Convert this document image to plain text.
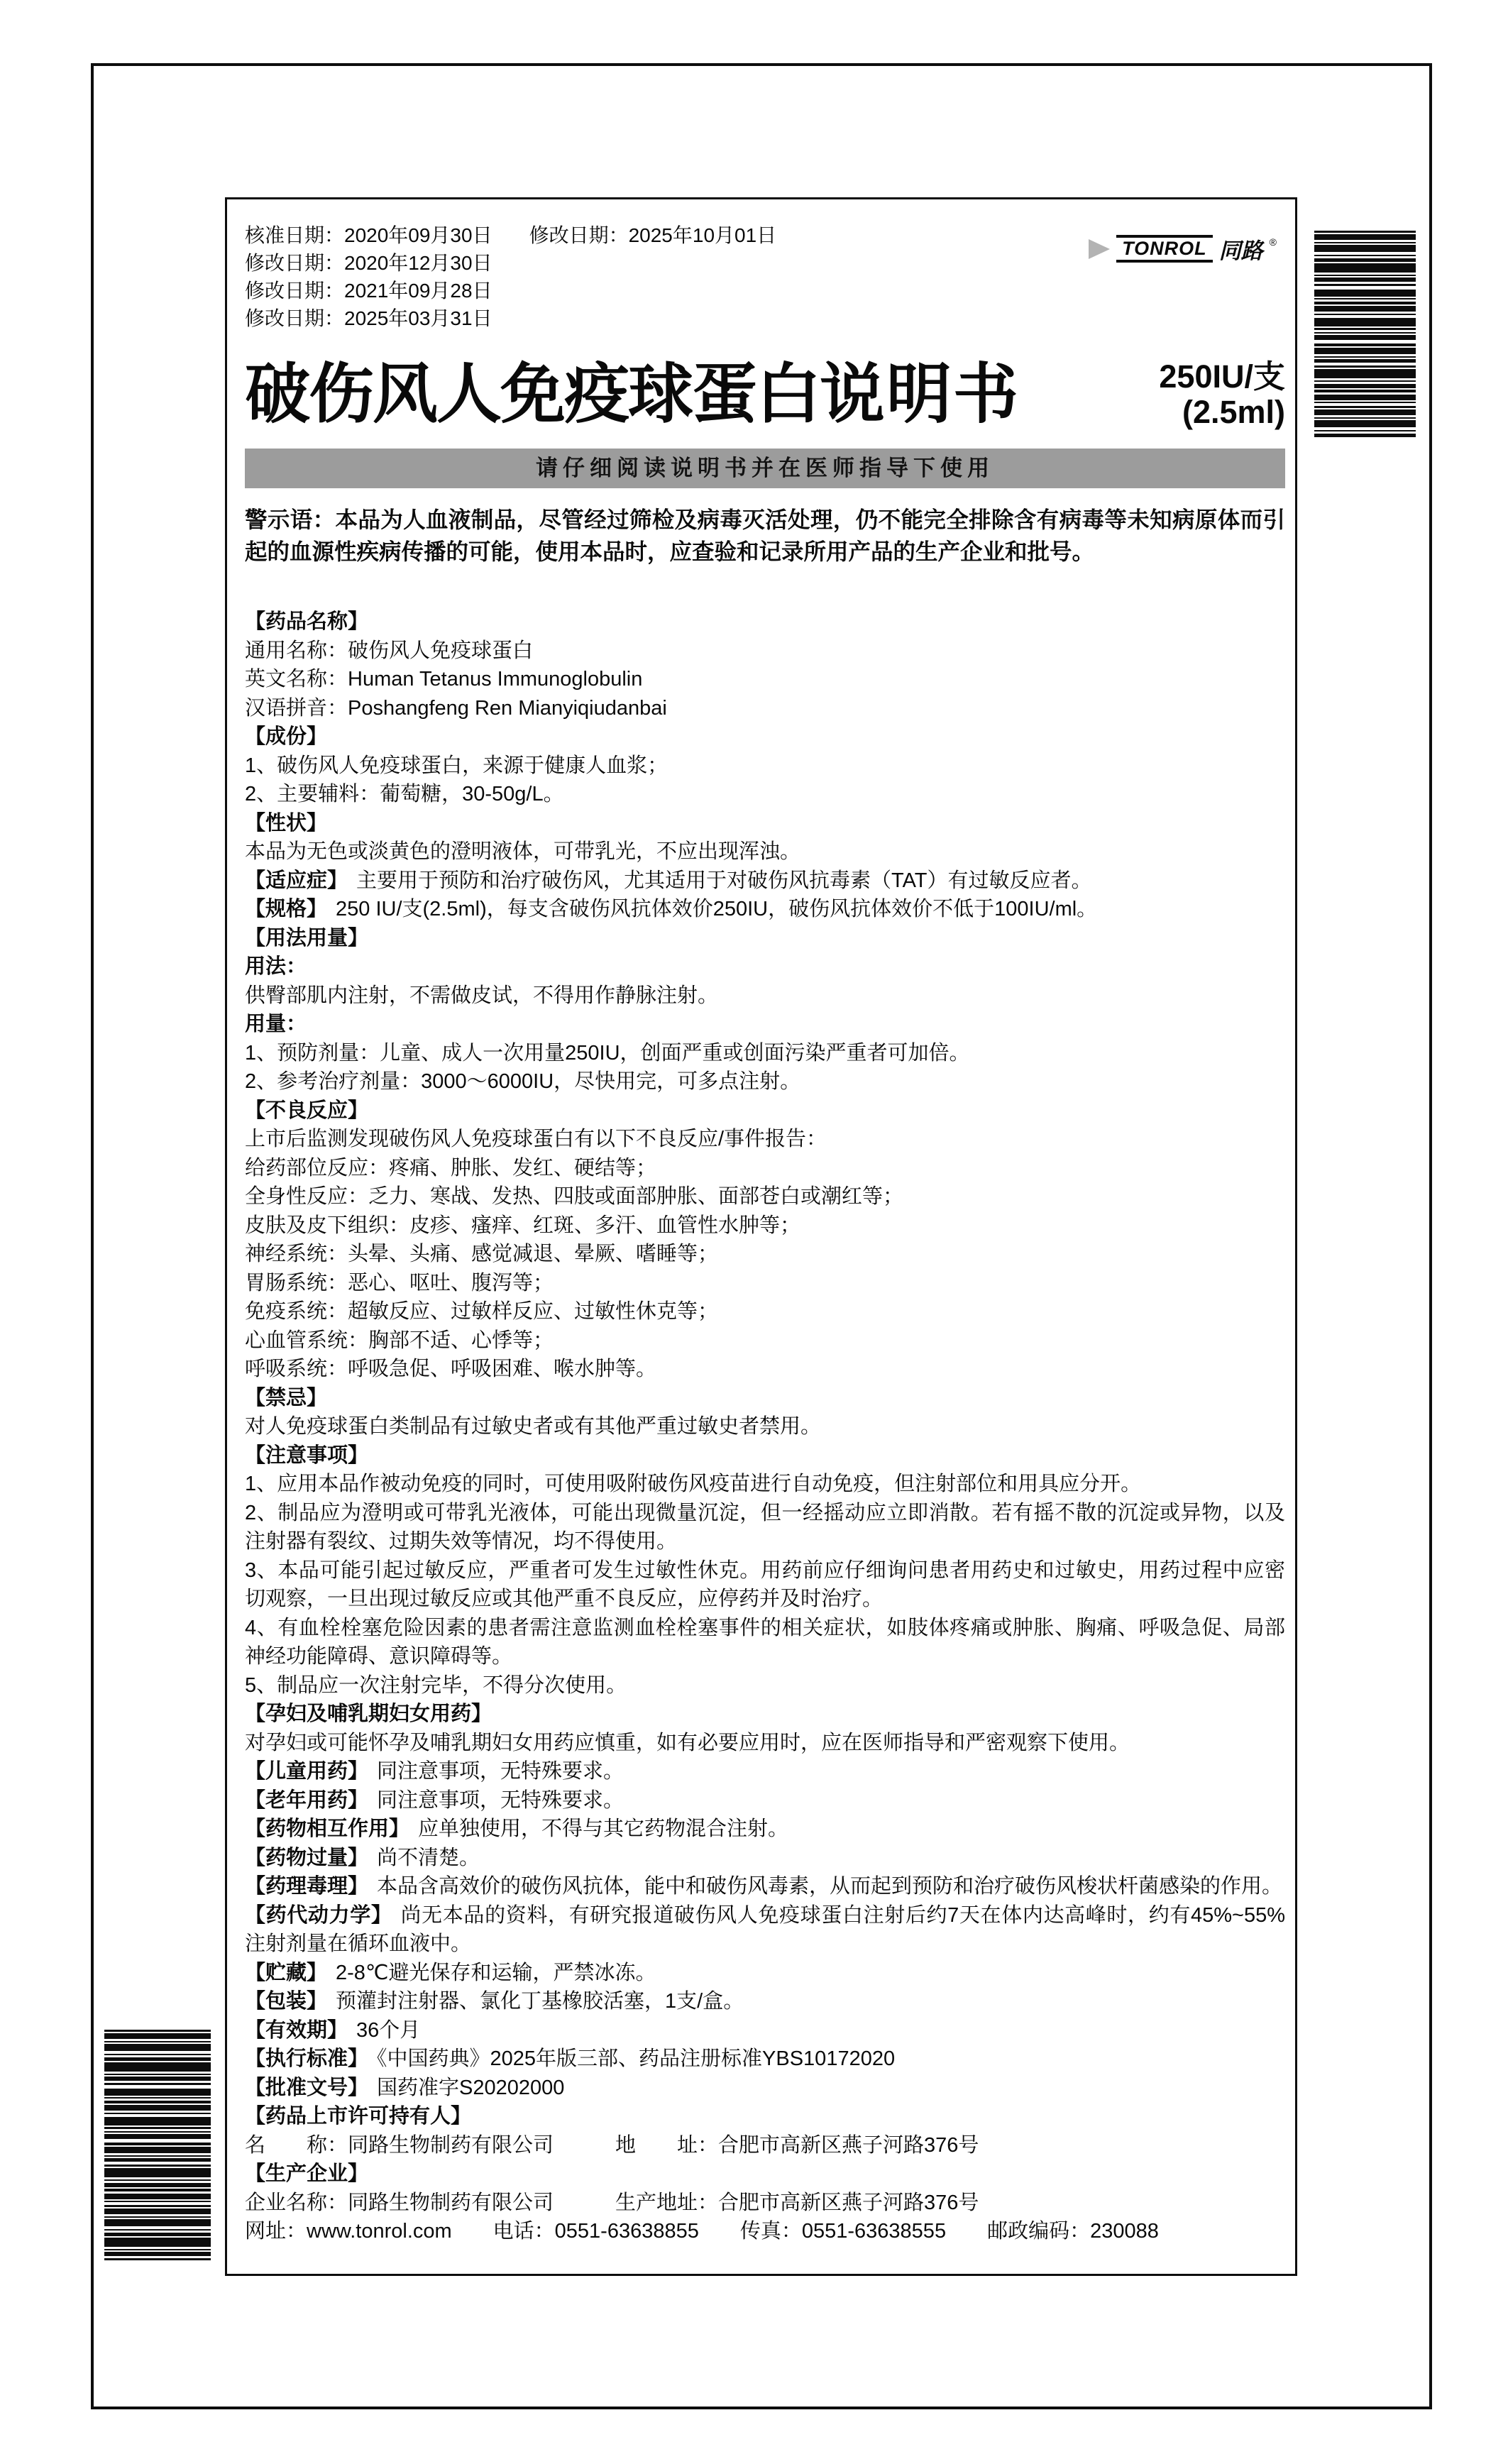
TONROL 同路 ®
核准日期：2020年09月30日 修改日期：2025年10月01日
修改日期：2020年12月30日
修改日期：2021年09月28日
修改日期：2025年03月31日
破伤风人免疫球蛋白说明书	250IU/支
(2.5ml)
请仔细阅读说明书并在医师指导下使用
警示语：本品为人血液制品，尽管经过筛检及病毒灭活处理，仍不能完全排除含有病毒等未知病原体而引起的血源性疾病传播的可能，使用本品时，应查验和记录所用产品的生产企业和批号。
【药品名称】
通用名称：破伤风人免疫球蛋白
英文名称：Human Tetanus Immunoglobulin
汉语拼音：Poshangfeng Ren Mianyiqiudanbai
【成份】
1、破伤风人免疫球蛋白，来源于健康人血浆；
2、主要辅料：葡萄糖，30-50g/L。
【性状】
本品为无色或淡黄色的澄明液体，可带乳光，不应出现浑浊。
【适应症】 主要用于预防和治疗破伤风，尤其适用于对破伤风抗毒素（TAT）有过敏反应者。
【规格】 250 IU/支(2.5ml)，每支含破伤风抗体效价250IU，破伤风抗体效价不低于100IU/ml。
【用法用量】
用法：
供臀部肌内注射，不需做皮试，不得用作静脉注射。
用量：
1、预防剂量：儿童、成人一次用量250IU，创面严重或创面污染严重者可加倍。
2、参考治疗剂量：3000～6000IU，尽快用完，可多点注射。
【不良反应】
上市后监测发现破伤风人免疫球蛋白有以下不良反应/事件报告：
给药部位反应：疼痛、肿胀、发红、硬结等；
全身性反应：乏力、寒战、发热、四肢或面部肿胀、面部苍白或潮红等；
皮肤及皮下组织：皮疹、瘙痒、红斑、多汗、血管性水肿等；
神经系统：头晕、头痛、感觉减退、晕厥、嗜睡等；
胃肠系统：恶心、呕吐、腹泻等；
免疫系统：超敏反应、过敏样反应、过敏性休克等；
心血管系统：胸部不适、心悸等；
呼吸系统：呼吸急促、呼吸困难、喉水肿等。
【禁忌】
对人免疫球蛋白类制品有过敏史者或有其他严重过敏史者禁用。
【注意事项】
1、应用本品作被动免疫的同时，可使用吸附破伤风疫苗进行自动免疫，但注射部位和用具应分开。
2、制品应为澄明或可带乳光液体，可能出现微量沉淀，但一经摇动应立即消散。若有摇不散的沉淀或异物，以及注射器有裂纹、过期失效等情况，均不得使用。
3、本品可能引起过敏反应，严重者可发生过敏性休克。用药前应仔细询问患者用药史和过敏史，用药过程中应密切观察，一旦出现过敏反应或其他严重不良反应，应停药并及时治疗。
4、有血栓栓塞危险因素的患者需注意监测血栓栓塞事件的相关症状，如肢体疼痛或肿胀、胸痛、呼吸急促、局部神经功能障碍、意识障碍等。
5、制品应一次注射完毕，不得分次使用。
【孕妇及哺乳期妇女用药】
对孕妇或可能怀孕及哺乳期妇女用药应慎重，如有必要应用时，应在医师指导和严密观察下使用。
【儿童用药】 同注意事项，无特殊要求。
【老年用药】 同注意事项，无特殊要求。
【药物相互作用】 应单独使用，不得与其它药物混合注射。
【药物过量】 尚不清楚。
【药理毒理】 本品含高效价的破伤风抗体，能中和破伤风毒素，从而起到预防和治疗破伤风梭状杆菌感染的作用。
【药代动力学】 尚无本品的资料，有研究报道破伤风人免疫球蛋白注射后约7天在体内达高峰时，约有45%~55%注射剂量在循环血液中。
【贮藏】 2-8℃避光保存和运输，严禁冰冻。
【包装】 预灌封注射器、氯化丁基橡胶活塞，1支/盒。
【有效期】 36个月
【执行标准】 《中国药典》2025年版三部、药品注册标准YBS10172020
【批准文号】 国药准字S20202000
【药品上市许可持有人】
名　　称：同路生物制药有限公司　　　地　　址：合肥市高新区燕子河路376号
【生产企业】
企业名称：同路生物制药有限公司　　　生产地址：合肥市高新区燕子河路376号
网址：www.tonrol.com　　电话：0551-63638855　　传真：0551-63638555　　邮政编码：230088
